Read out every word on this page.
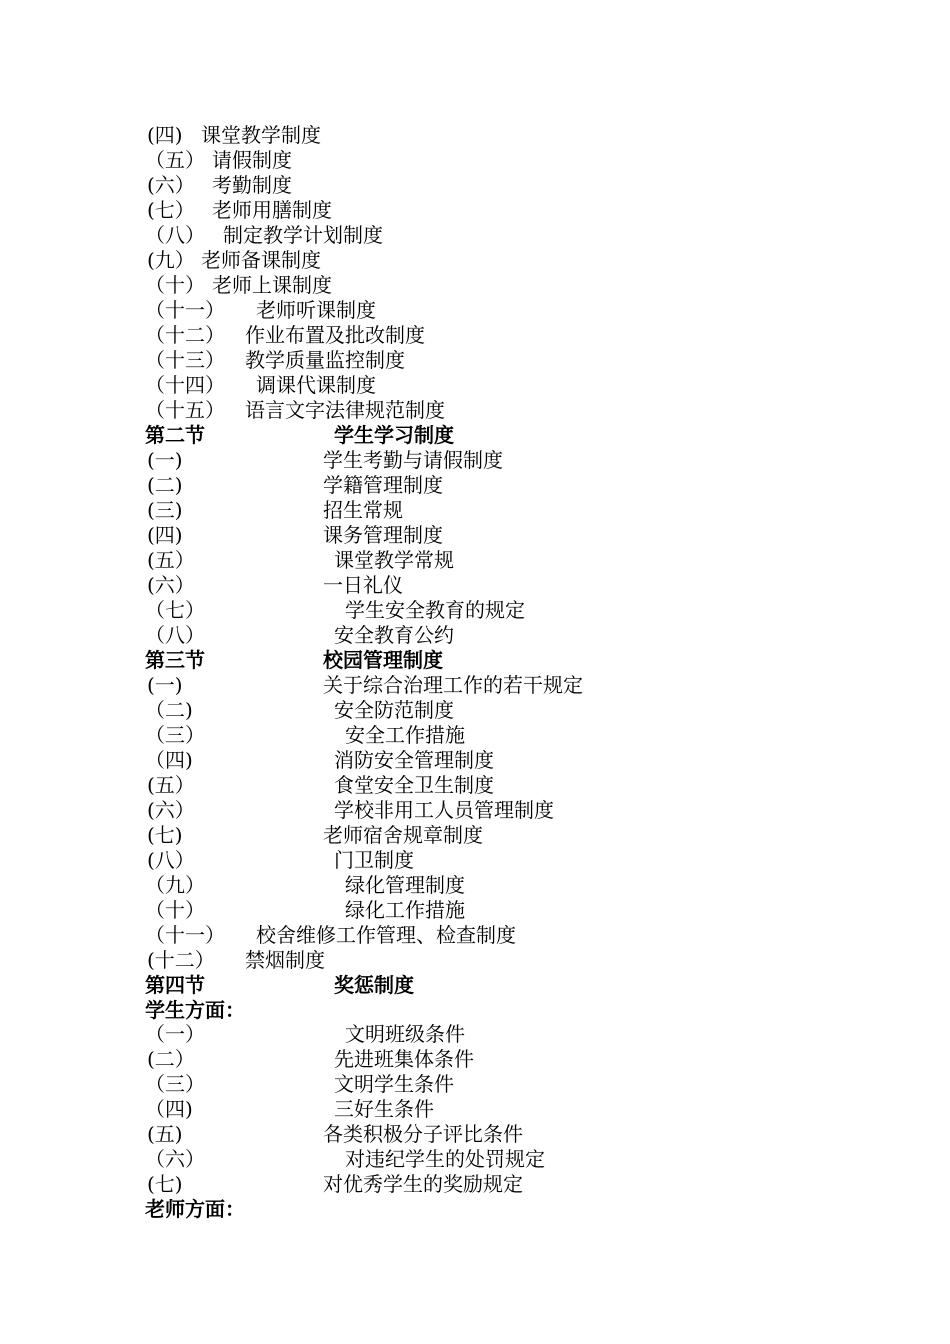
(四) 课堂教学制度
（五） 请假制度
(六） 考勤制度
(七） 老师用膳制度
（八） 制定教学计划制度
(九） 老师备课制度
（十） 老师上课制度
（十一） 老师听课制度
（十二） 作业布置及批改制度
（十三） 教学质量监控制度
（十四） 调课代课制度
（十五） 语言文字法律规范制度
第二节	学生学习制度
(一)	学生考勤与请假制度
(二)	学籍管理制度
(三)	招生常规
(四)	课务管理制度
(五）	课堂教学常规
(六）	一日礼仪
（七）	学生安全教育的规定
（八）	安全教育公约
第三节	校园管理制度
(一)	关于综合治理工作的若干规定
（二)	安全防范制度
（三）	安全工作措施
（四)	消防安全管理制度
(五）	食堂安全卫生制度
(六）	学校非用工人员管理制度
(七)	老师宿舍规章制度
(八）	门卫制度
（九）	绿化管理制度
（十）	绿化工作措施
（十一） 校舍维修工作管理、检查制度
(十二） 禁烟制度
第四节	奖惩制度
学生方面：
（一）	文明班级条件
(二）	先进班集体条件
（三）	文明学生条件
（四)	三好生条件
(五)	各类积极分子评比条件
（六）	对违纪学生的处罚规定
(七)	对优秀学生的奖励规定
老师方面：
